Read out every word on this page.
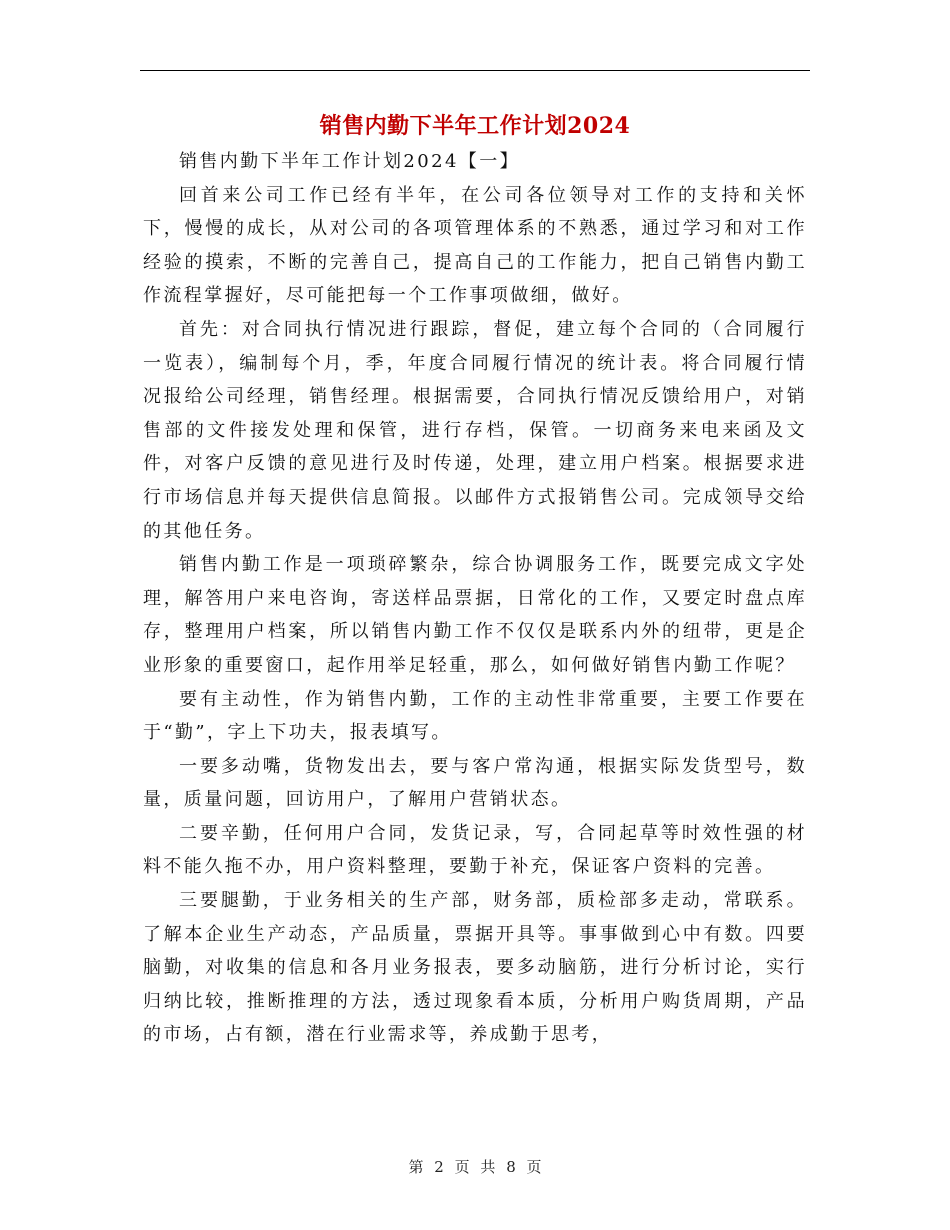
销售内勤下半年工作计划2024

销售内勤下半年工作计划2024【一】

回首来公司工作已经有半年，在公司各位领导对工作的支持和关怀下，慢慢的成长，从对公司的各项管理体系的不熟悉，通过学习和对工作经验的摸索，不断的完善自己，提高自己的工作能力，把自己销售内勤工作流程掌握好，尽可能把每一个工作事项做细，做好。

首先：对合同执行情况进行跟踪，督促，建立每个合同的（合同履行一览表），编制每个月，季，年度合同履行情况的统计表。将合同履行情况报给公司经理，销售经理。根据需要，合同执行情况反馈给用户，对销售部的文件接发处理和保管，进行存档，保管。一切商务来电来函及文件，对客户反馈的意见进行及时传递，处理，建立用户档案。根据要求进行市场信息并每天提供信息简报。以邮件方式报销售公司。完成领导交给的其他任务。

销售内勤工作是一项琐碎繁杂，综合协调服务工作，既要完成文字处理，解答用户来电咨询，寄送样品票据，日常化的工作，又要定时盘点库存，整理用户档案，所以销售内勤工作不仅仅是联系内外的纽带，更是企业形象的重要窗口，起作用举足轻重，那么，如何做好销售内勤工作呢？

要有主动性，作为销售内勤，工作的主动性非常重要，主要工作要在于“勤”，字上下功夫，报表填写。

一要多动嘴，货物发出去，要与客户常沟通，根据实际发货型号，数量，质量问题，回访用户，了解用户营销状态。

二要辛勤，任何用户合同，发货记录，写，合同起草等时效性强的材料不能久拖不办，用户资料整理，要勤于补充，保证客户资料的完善。

三要腿勤，于业务相关的生产部，财务部，质检部多走动，常联系。了解本企业生产动态，产品质量，票据开具等。事事做到心中有数。四要脑勤，对收集的信息和各月业务报表，要多动脑筋，进行分析讨论，实行归纳比较，推断推理的方法，透过现象看本质，分析用户购货周期，产品的市场，占有额，潜在行业需求等，养成勤于思考，

第 2 页 共 8 页
